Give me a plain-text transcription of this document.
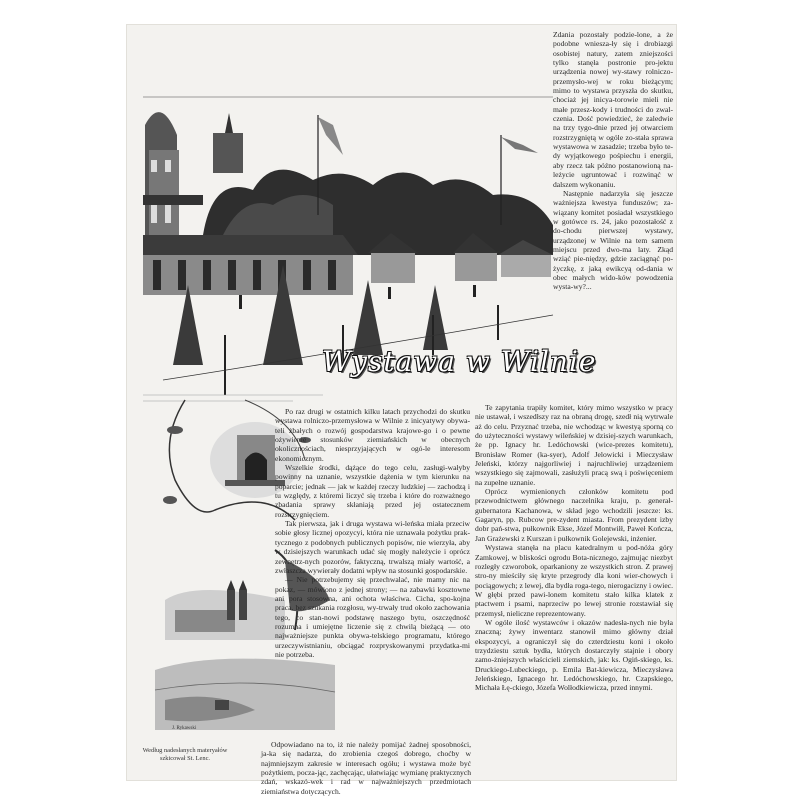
Wystawa w Wilnie
J. Rykawski
Według nadesłanych materyałów szkicował St. Lenc.

Zdania pozostały podzie-lone, a że podobne wniesza-ły się i drobiazgi osobistej natury, zatem zniejszości tylko stanęła postronie pro-jektu urządzenia nowej wy-stawy rolniczo-przemysło-wej w roku bieżącym; mimo to wystawa przyszła do skutku, chociaż jej inicya-torowie mieli nie małe przesz-kody i trudności do zwal-czenia. Dość powiedzieć, że zaledwie na trzy tygo-dnie przed jej otwarciem rozstrzygniętą w ogóle zo-stała sprawa wystawowa w zasadzie; trzeba było te-dy wyjątkowego pośpiechu i energii, aby rzecz tak późno postanowioną na-leżycie ugruntować i rozwinąć w dalszem wykonaniu.

Następnie nadarzyła się jeszcze ważniejsza kwestya funduszów; za-wiązany komitet posiadał wszystkiego w gotówce rs. 24, jako pozostałość z do-chodu pierwszej wystawy, urządzonej w Wilnie na tem samem miejscu przed dwo-ma laty. Zkąd wziąć pie-niędzy, gdzie zaciągnąć po-życzkę, z jaką ewikcyą od-dania w obec małych wido-ków powodzenia wysta-wy?...

Po raz drugi w ostatnich kilku latach przychodzi do skutku wystawa rolniczo-przemysłowa w Wilnie z inicyatywy obywa-teli żbałych o rozwój gospodarstwa krajowe-go i o pewne ożywienie stosunków ziemiańskich w obecnych okolicznościach, niesprzyjających w ogó-le interesom ekonomicznym.

Wszelkie środki, dążące do tego celu, zasługi-wałyby powinny na uznanie, wszystkie dążenia w tym kierunku na poparcie; jednak — jak w każdej rzeczy ludzkiej — zachodzą i tu względy, z któremi liczyć się trzeba i które do rozważnego zbadania sprawy skłaniają przed jej ostatecznem rozstrzygnięciem.

Tak pierwsza, jak i druga wystawa wi-leńska miała przeciw sobie głosy licznej opozycyi, która nie uznawała pożytku prak-tycznego z podobnych publicznych popisów, nie wierzyła, aby w dzisiejszych warunkach udać się mogły należycie i oprócz zewnętrz-nych pozorów, faktyczną, trwalszą miały wartość, a zwłaszcza wywierały dodatni wpływ na stosunki gospodarskie.

— Nie potrzebujemy się przechwalać, nie mamy nic na pokaz, — mówiono z jednej strony; — na zabawki kosztowne ani pora stosowna, ani ochota właściwa. Cicha, spo-kojna praca, bez szukania rozgłosu, wy-trwały trud około zachowania tego, co stan-nowi podstawę naszego bytu, oszczędność rozumna i umiejętne liczenie się z chwilą bieżącą — oto najważniejsze punkta obywa-telskiego programatu, którego urzeczywistnianiu, obciągać rozpryskowanymi przydatka-mi nie potrzeba.

Odpowiadano na to, iż nie należy pomijać żadnej sposobności, ja-ka się nadarza, do zrobienia czegoś dobrego, choćby w najmniejszym zakresie w interesach ogółu; i wystawa może być pożytkiem, pocza-jąc, zachęcając, ułatwiając wymianę praktycznych zdań, wskazó-wek i rad w najważniejszych przedmiotach ziemiaństwa dotyczących.

Te zapytania trapiły komitet, który mimo wszystko w pracy nie ustawał, i wszedłszy raz na obraną drogę, szedł nią wytrwale aż do celu. Przyznać trzeba, nie wchodząc w kwestyą sporną co do użyteczności wystawy wileńskiej w dzisiej-szych warunkach, że pp. Ignacy hr. Ledóchowski (wice-prezes komitetu), Bronisław Romer (ka-syer), Adolf Jelowicki i Mieczysław Jeleński, którzy najgorliwiej i najruchliwiej urządzeniem wszystkiego się zajmowali, zasłużyli pracą swą i poświęceniem na zupełne uznanie.

Oprócz wymienionych członków komitetu pod przewodnictwem głównego naczelnika kraju, p. generał-gubernatora Kachanowa, w skład jego wchodzili jeszcze: ks. Gagaryn, pp. Rubcow pre-zydent miasta. From prezydent izby dobr pań-stwa, pułkownik Ekse, Józef Montwiłł, Paweł Kończa, Jan Grażewski z Kurszan i pułkownik Golejewski, inżenier.

Wystawa stanęła na placu katedralnym u pod-nóża góry Zamkowej, w bliskości ogrodu Bota-nicznego, zajmując niezbyt rozległy czworobok, oparkaniony ze wszystkich stron. Z prawej stro-ny mieściły się kryte przegrody dla koni wier-chowych i pociągowych; z lewej, dla bydła roga-tego, nierogacizny i owiec. W głębi przed pawi-lonem komitetu stało kilka klatek z ptactwem i psami, naprzeciw po lewej stronie rozstawiał się przemysł, nieliczne reprezentowany.

W ogóle ilość wystawców i okazów nadesła-nych nie była znaczną; żywy inwentarz stanowił mimo główny dział ekspozycyi, a ograniczył się do czterdziestu koni i około trzydziestu sztuk bydła, których dostarczyły stajnie i obory zamo-żniejszych właścicieli ziemskich, jak: ks. Ogiń-skiego, ks. Druckiego-Lubeckiego, p. Emila Bat-kiewicza, Mieczysława Jeleńskiego, Ignacego hr. Ledóchowskiego, hr. Czapskiego, Michała Łę-ckiego, Józefa Wolłodkiewicza, przed innymi.
